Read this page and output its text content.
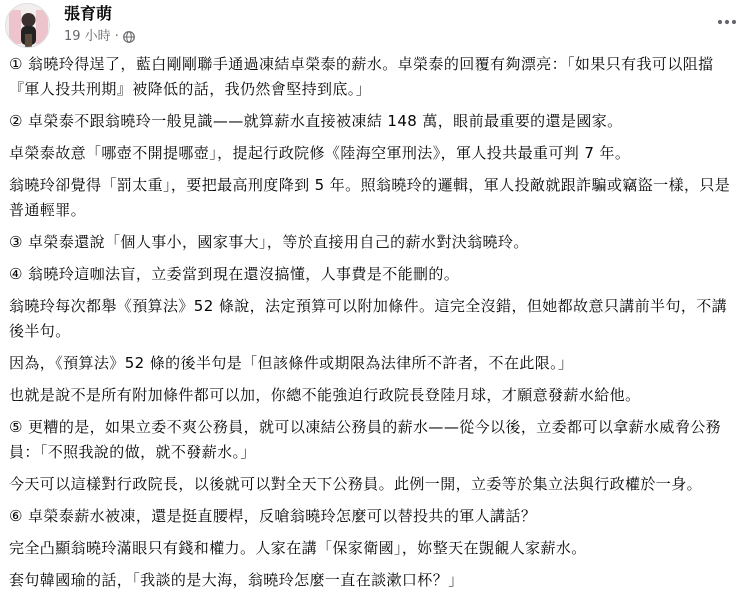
張育萌
19 小時 ·

① 翁曉玲得逞了，藍白剛剛聯手通過凍結卓榮泰的薪水。卓榮泰的回覆有夠漂亮：「如果只有我可以阻擋『軍人投共刑期』被降低的話，我仍然會堅持到底。」

② 卓榮泰不跟翁曉玲一般見識——就算薪水直接被凍結 148 萬，眼前最重要的還是國家。

卓榮泰故意「哪壺不開提哪壺」，提起行政院修《陸海空軍刑法》，軍人投共最重可判 7 年。

翁曉玲卻覺得「罰太重」，要把最高刑度降到 5 年。照翁曉玲的邏輯，軍人投敵就跟詐騙或竊盜一樣，只是普通輕罪。

③ 卓榮泰還說「個人事小，國家事大」，等於直接用自己的薪水對決翁曉玲。

④ 翁曉玲這咖法盲，立委當到現在還沒搞懂，人事費是不能刪的。

翁曉玲每次都舉《預算法》52 條說，法定預算可以附加條件。這完全沒錯，但她都故意只講前半句，不講後半句。

因為，《預算法》52 條的後半句是「但該條件或期限為法律所不許者，不在此限。」

也就是說不是所有附加條件都可以加，你總不能強迫行政院長登陸月球，才願意發薪水給他。

⑤ 更糟的是，如果立委不爽公務員，就可以凍結公務員的薪水——從今以後，立委都可以拿薪水威脅公務員：「不照我說的做，就不發薪水。」

今天可以這樣對行政院長，以後就可以對全天下公務員。此例一開，立委等於集立法與行政權於一身。

⑥ 卓榮泰薪水被凍，還是挺直腰桿，反嗆翁曉玲怎麼可以替投共的軍人講話？

完全凸顯翁曉玲滿眼只有錢和權力。人家在講「保家衛國」，妳整天在覬覦人家薪水。

套句韓國瑜的話，「我談的是大海，翁曉玲怎麼一直在談漱口杯？」
